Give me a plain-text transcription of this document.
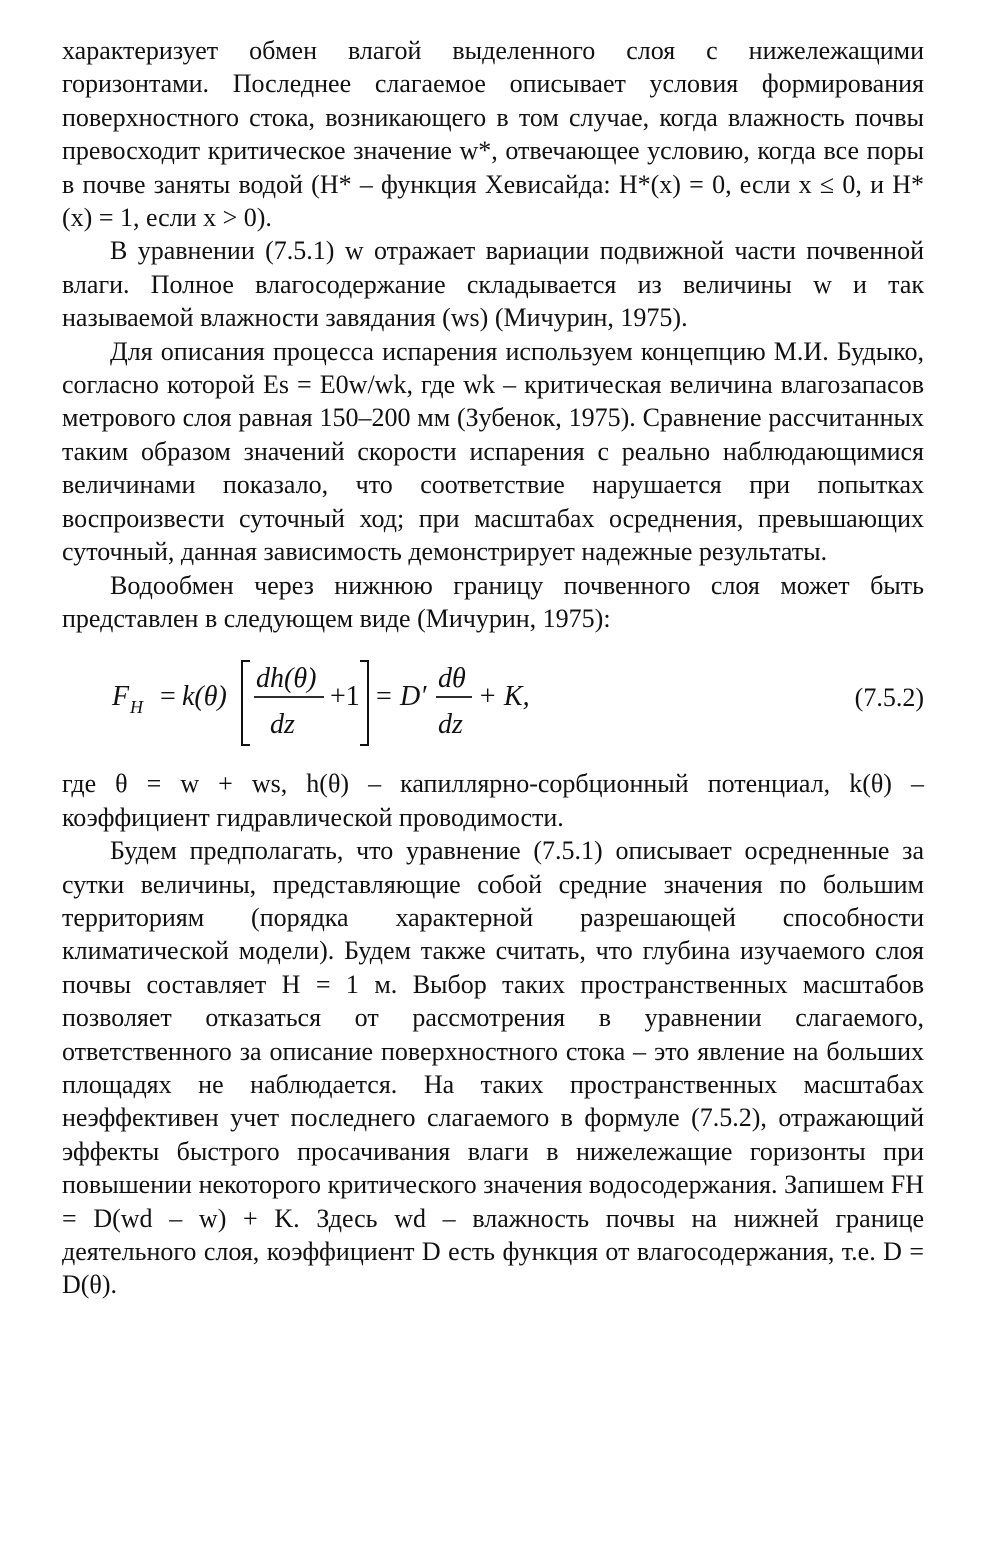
характеризует обмен влагой выделенного слоя с нижележащими горизонтами. Последнее слагаемое описывает условия формирования поверхностного стока, возникающего в том случае, когда влажность почвы превосходит критическое значение w*, отвечающее условию, когда все поры в почве заняты водой (H* – функция Хевисайда: H*(x) = 0, если x ≤ 0, и H*(x) = 1, если x > 0).

В уравнении (7.5.1) w отражает вариации подвижной части почвенной влаги. Полное влагосодержание складывается из величины w и так называемой влажности завядания (ws) (Мичурин, 1975).

Для описания процесса испарения используем концепцию М.И. Будыко, согласно которой Es = E0w/wk, где wk – критическая величина влагозапасов метрового слоя равная 150–200 мм (Зубенок, 1975). Сравнение рассчитанных таким образом значений скорости испарения с реально наблюдающимися величинами показало, что соответствие нарушается при попытках воспроизвести суточный ход; при масштабах осреднения, превышающих суточный, данная зависимость демонстрирует надежные результаты.

Водообмен через нижнюю границу почвенного слоя может быть представлен в следующем виде (Мичурин, 1975):

F H = k(θ)
dh(θ)
dz
+1 = D′
dθ
dz
+ K,	(7.5.2)

где θ = w + ws, h(θ) – капиллярно-сорбционный потенциал, k(θ) – коэффициент гидравлической проводимости.

Будем предполагать, что уравнение (7.5.1) описывает осредненные за сутки величины, представляющие собой средние значения по большим территориям (порядка характерной разрешающей способности климатической модели). Будем также считать, что глубина изучаемого слоя почвы составляет H = 1 м. Выбор таких пространственных масштабов позволяет отказаться от рассмотрения в уравнении слагаемого, ответственного за описание поверхностного стока – это явление на больших площадях не наблюдается. На таких пространственных масштабах неэффективен учет последнего слагаемого в формуле (7.5.2), отражающий эффекты быстрого просачивания влаги в нижележащие горизонты при повышении некоторого критического значения водосодержания. Запишем FH = D(wd – w) + K. Здесь wd – влажность почвы на нижней границе деятельного слоя, коэффициент D есть функция от влагосодержания, т.е. D = D(θ).
